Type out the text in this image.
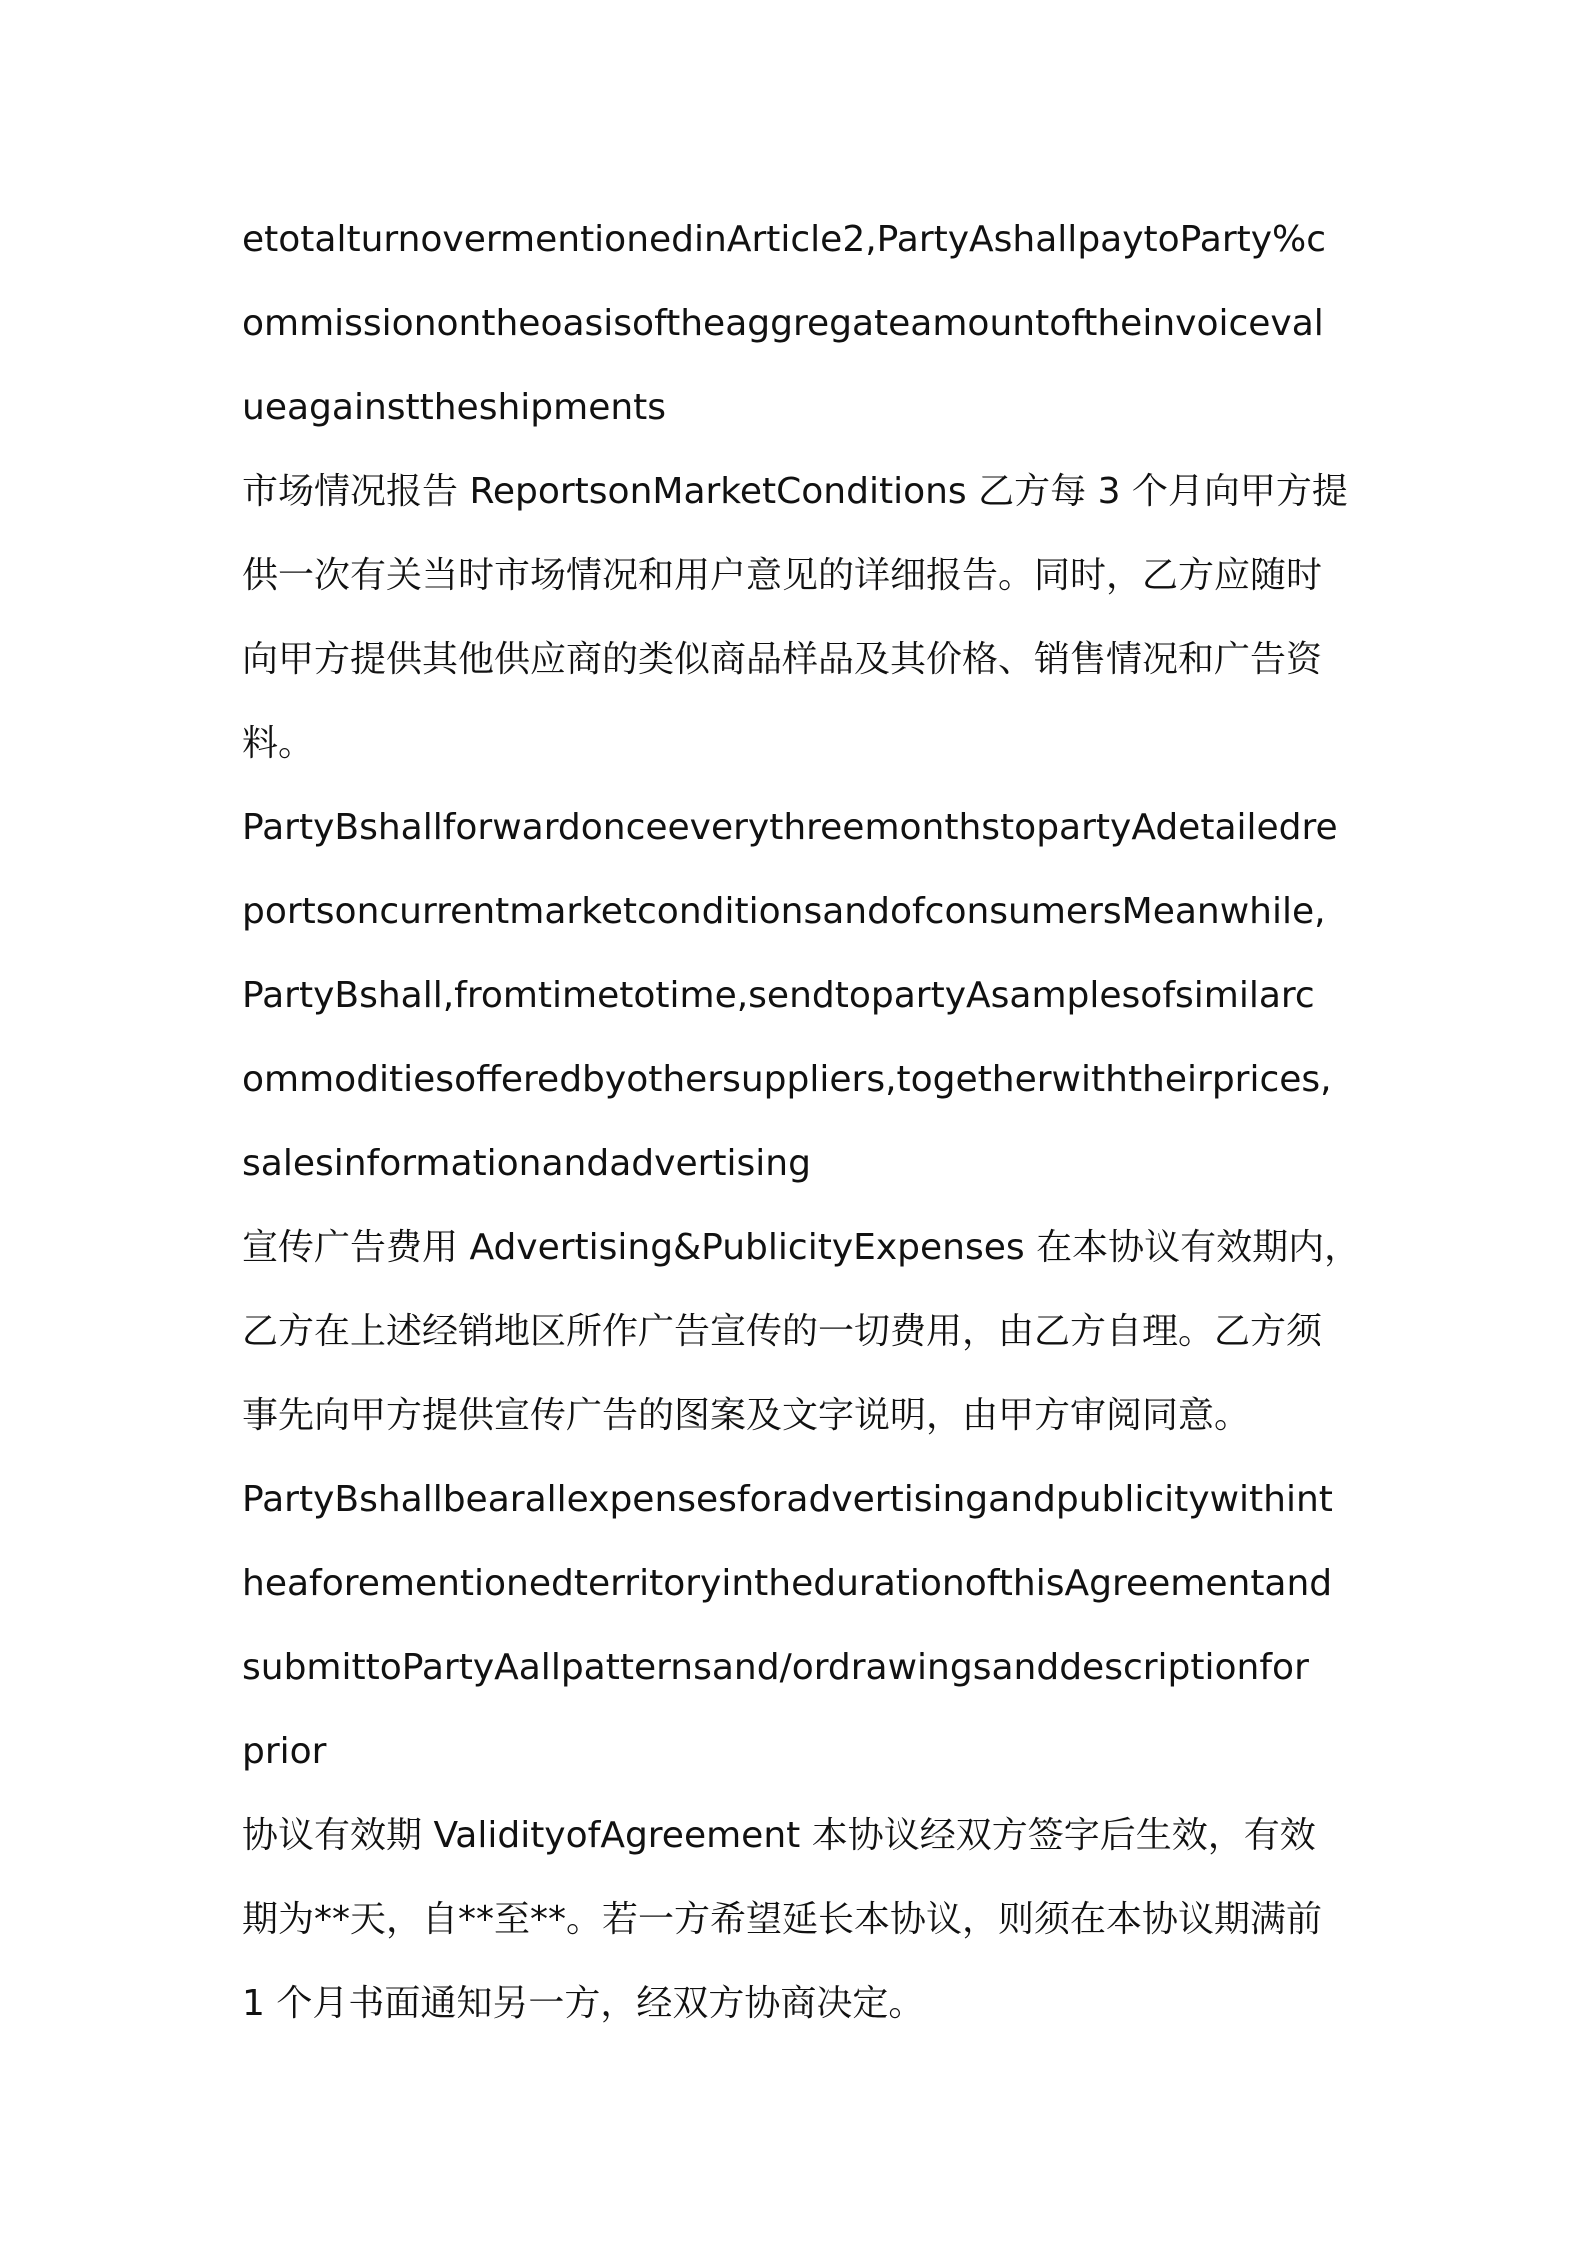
etotalturnovermentionedinArticle2,PartyAshallpaytoParty%c
ommissionontheoasisoftheaggregateamountoftheinvoiceval
ueagainsttheshipments
市场情况报告 ReportsonMarketConditions 乙方每 3 个月向甲方提
供一次有关当时市场情况和用户意见的详细报告。同时，乙方应随时
向甲方提供其他供应商的类似商品样品及其价格、销售情况和广告资
料。
PartyBshallforwardonceeverythreemonthstopartyAdetailedre
portsoncurrentmarketconditionsandofconsumersMeanwhile,
PartyBshall,fromtimetotime,sendtopartyAsamplesofsimilarc
ommoditiesofferedbyothersuppliers,togetherwiththeirprices,
salesinformationandadvertising
宣传广告费用 Advertising&PublicityExpenses 在本协议有效期内，
乙方在上述经销地区所作广告宣传的一切费用，由乙方自理。乙方须
事先向甲方提供宣传广告的图案及文字说明，由甲方审阅同意。
PartyBshallbearallexpensesforadvertisingandpublicitywithint
heaforementionedterritoryinthedurationofthisAgreementand
submittoPartyAallpatternsand/ordrawingsanddescriptionfor
prior
协议有效期 ValidityofAgreement 本协议经双方签字后生效，有效
期为**天，自**至**。若一方希望延长本协议，则须在本协议期满前
1 个月书面通知另一方，经双方协商决定。
